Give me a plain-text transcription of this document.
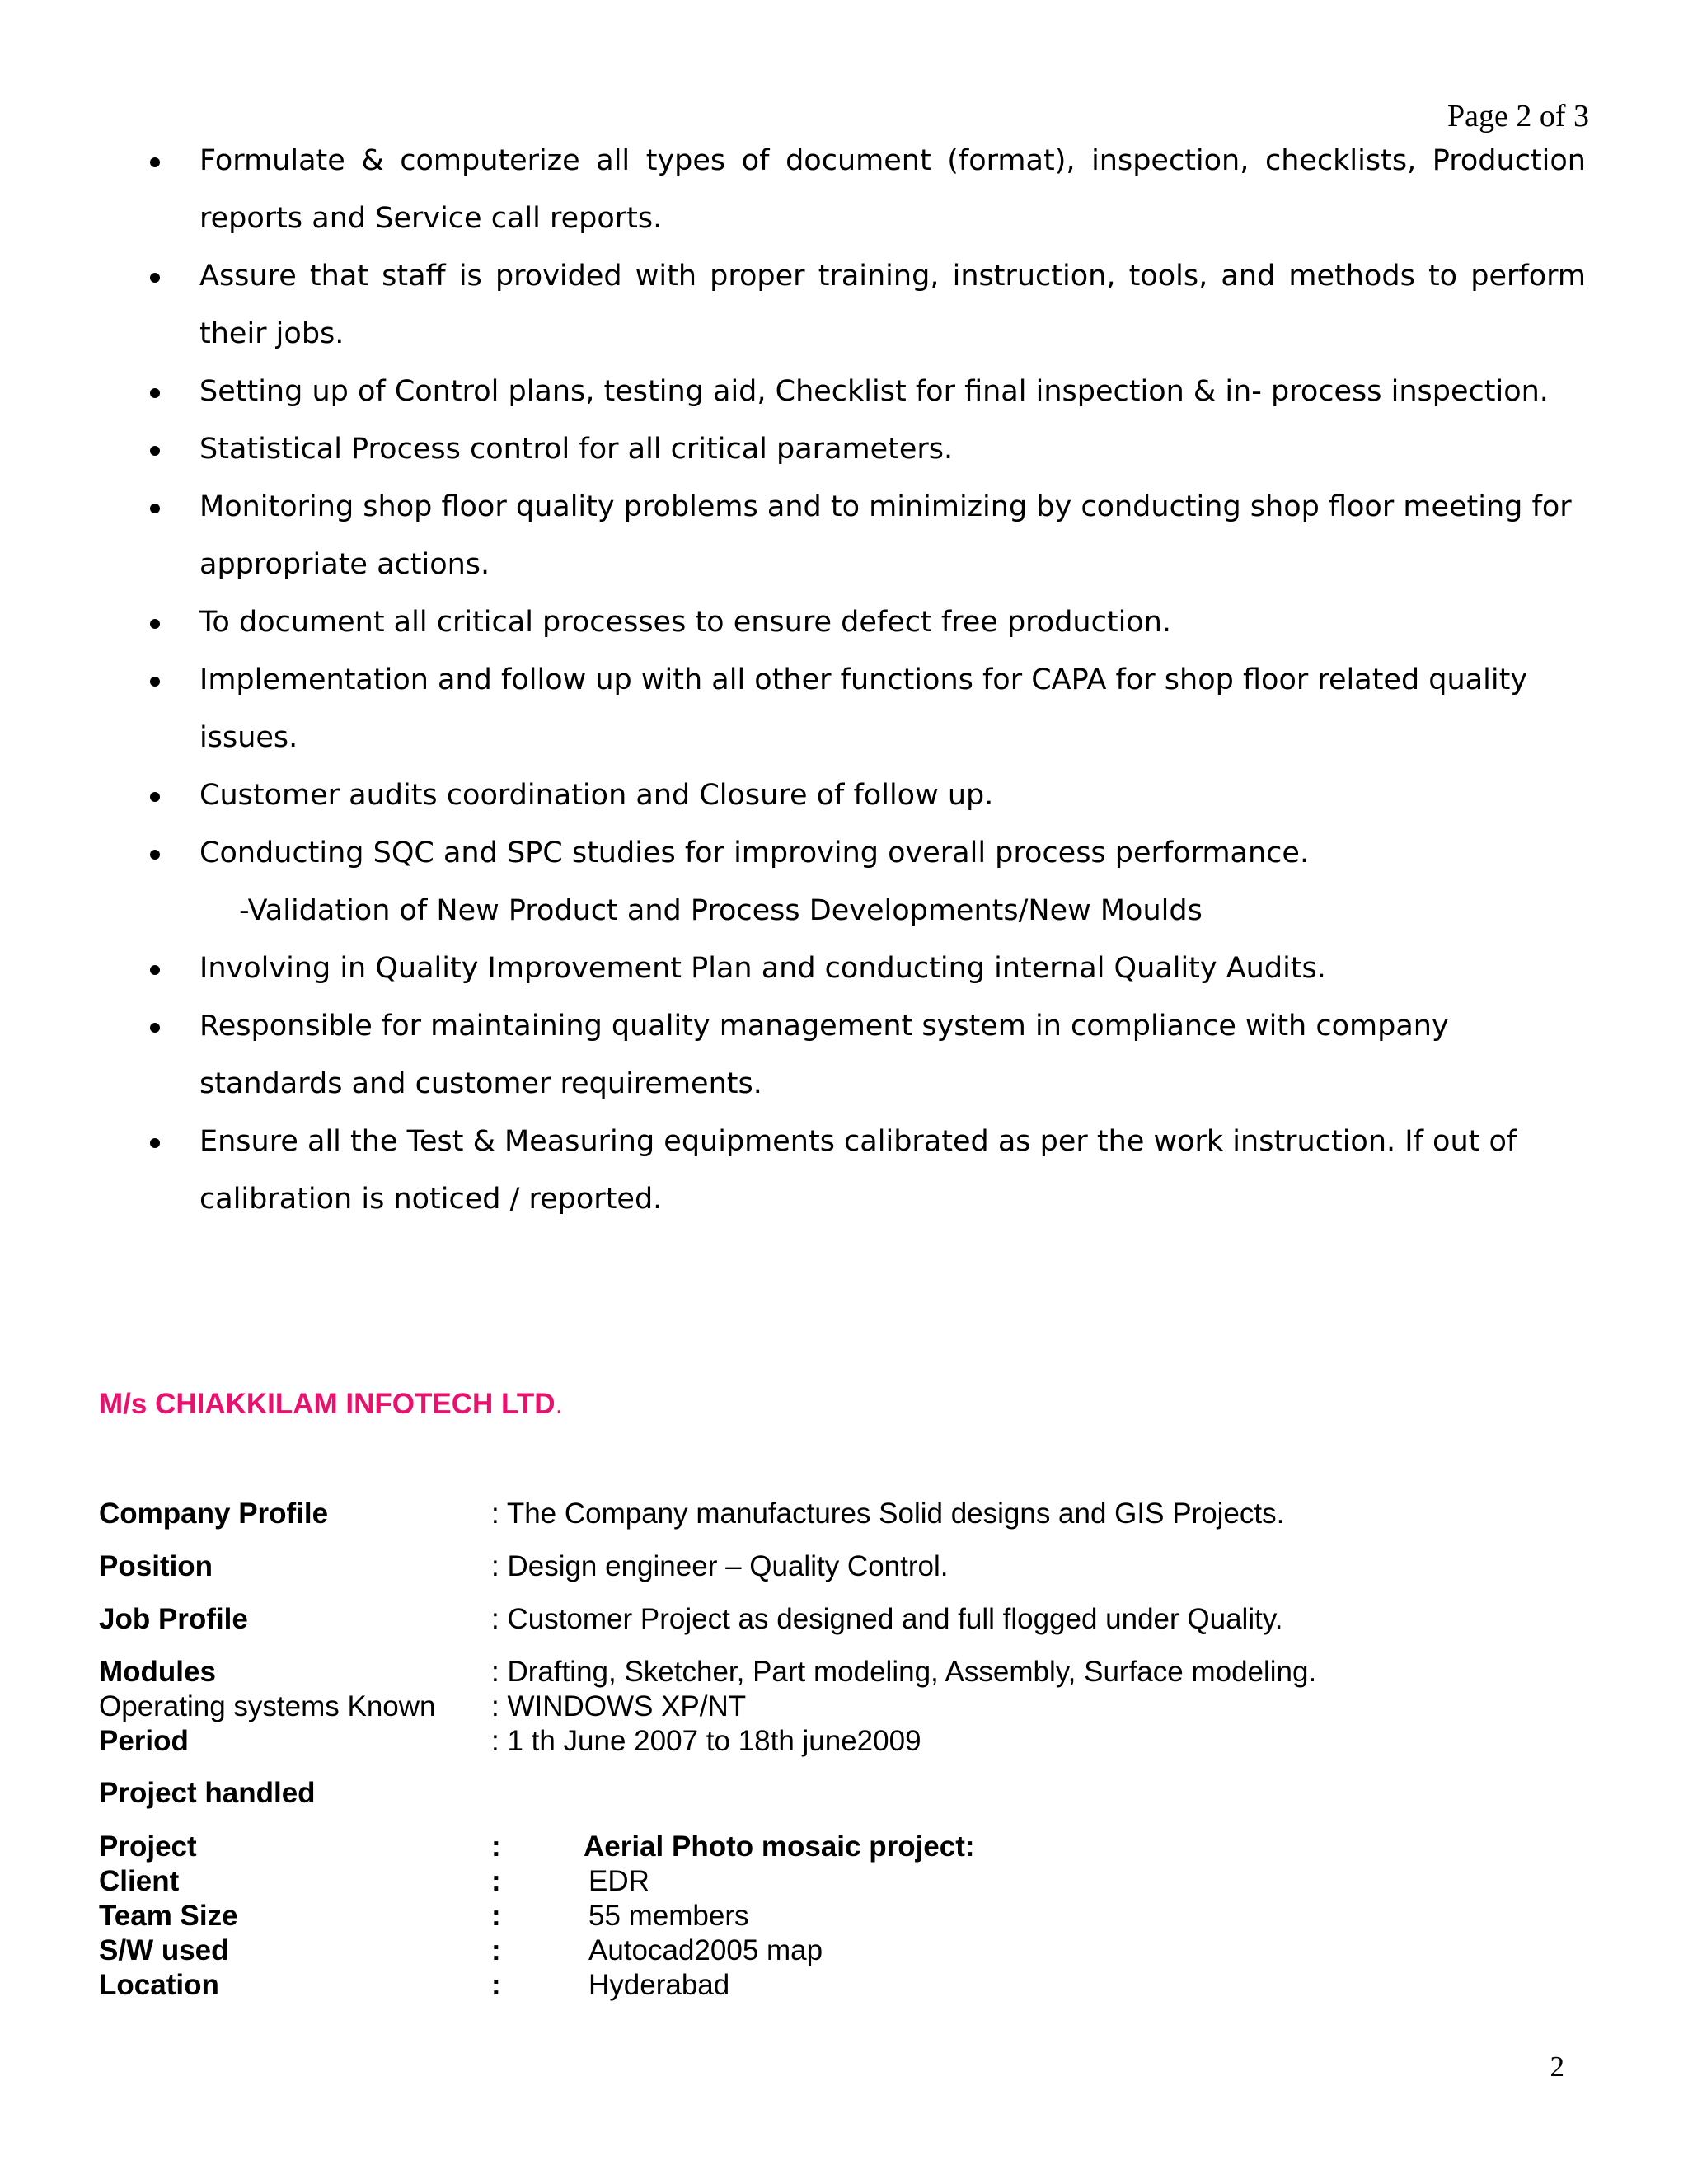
Page 2 of 3
Formulate & computerize all types of document (format), inspection, checklists, Production reports and Service call reports.
Assure that staff is provided with proper training, instruction, tools, and methods to perform their jobs.
Setting up of Control plans, testing aid, Checklist for final inspection & in- process inspection.
Statistical Process control for all critical parameters.
Monitoring shop floor quality problems and to minimizing by conducting shop floor meeting for appropriate actions.
To document all critical processes to ensure defect free production.
Implementation and follow up with all other functions for CAPA for shop floor related quality issues.
Customer audits coordination and Closure of follow up.
Conducting SQC and SPC studies for improving overall process performance.
-Validation of New Product and Process Developments/New Moulds
Involving in Quality Improvement Plan and conducting internal Quality Audits.
Responsible for maintaining quality management system in compliance with company standards and customer requirements.
Ensure all the Test & Measuring equipments calibrated as per the work instruction. If out of calibration is noticed / reported.
M/s CHIAKKILAM INFOTECH LTD.
Company Profile	: The Company manufactures Solid designs and GIS Projects.
Position	: Design engineer – Quality Control.
Job Profile	: Customer Project as designed and full flogged under Quality.
Modules	: Drafting, Sketcher, Part modeling, Assembly, Surface modeling.
Operating systems Known : WINDOWS XP/NT
Period	: 1 th June 2007 to 18th june2009
Project handled
Project	:	Aerial Photo mosaic project:
Client	:	EDR
Team Size	:	55 members
S/W used	:	Autocad2005 map
Location	:	Hyderabad
2
